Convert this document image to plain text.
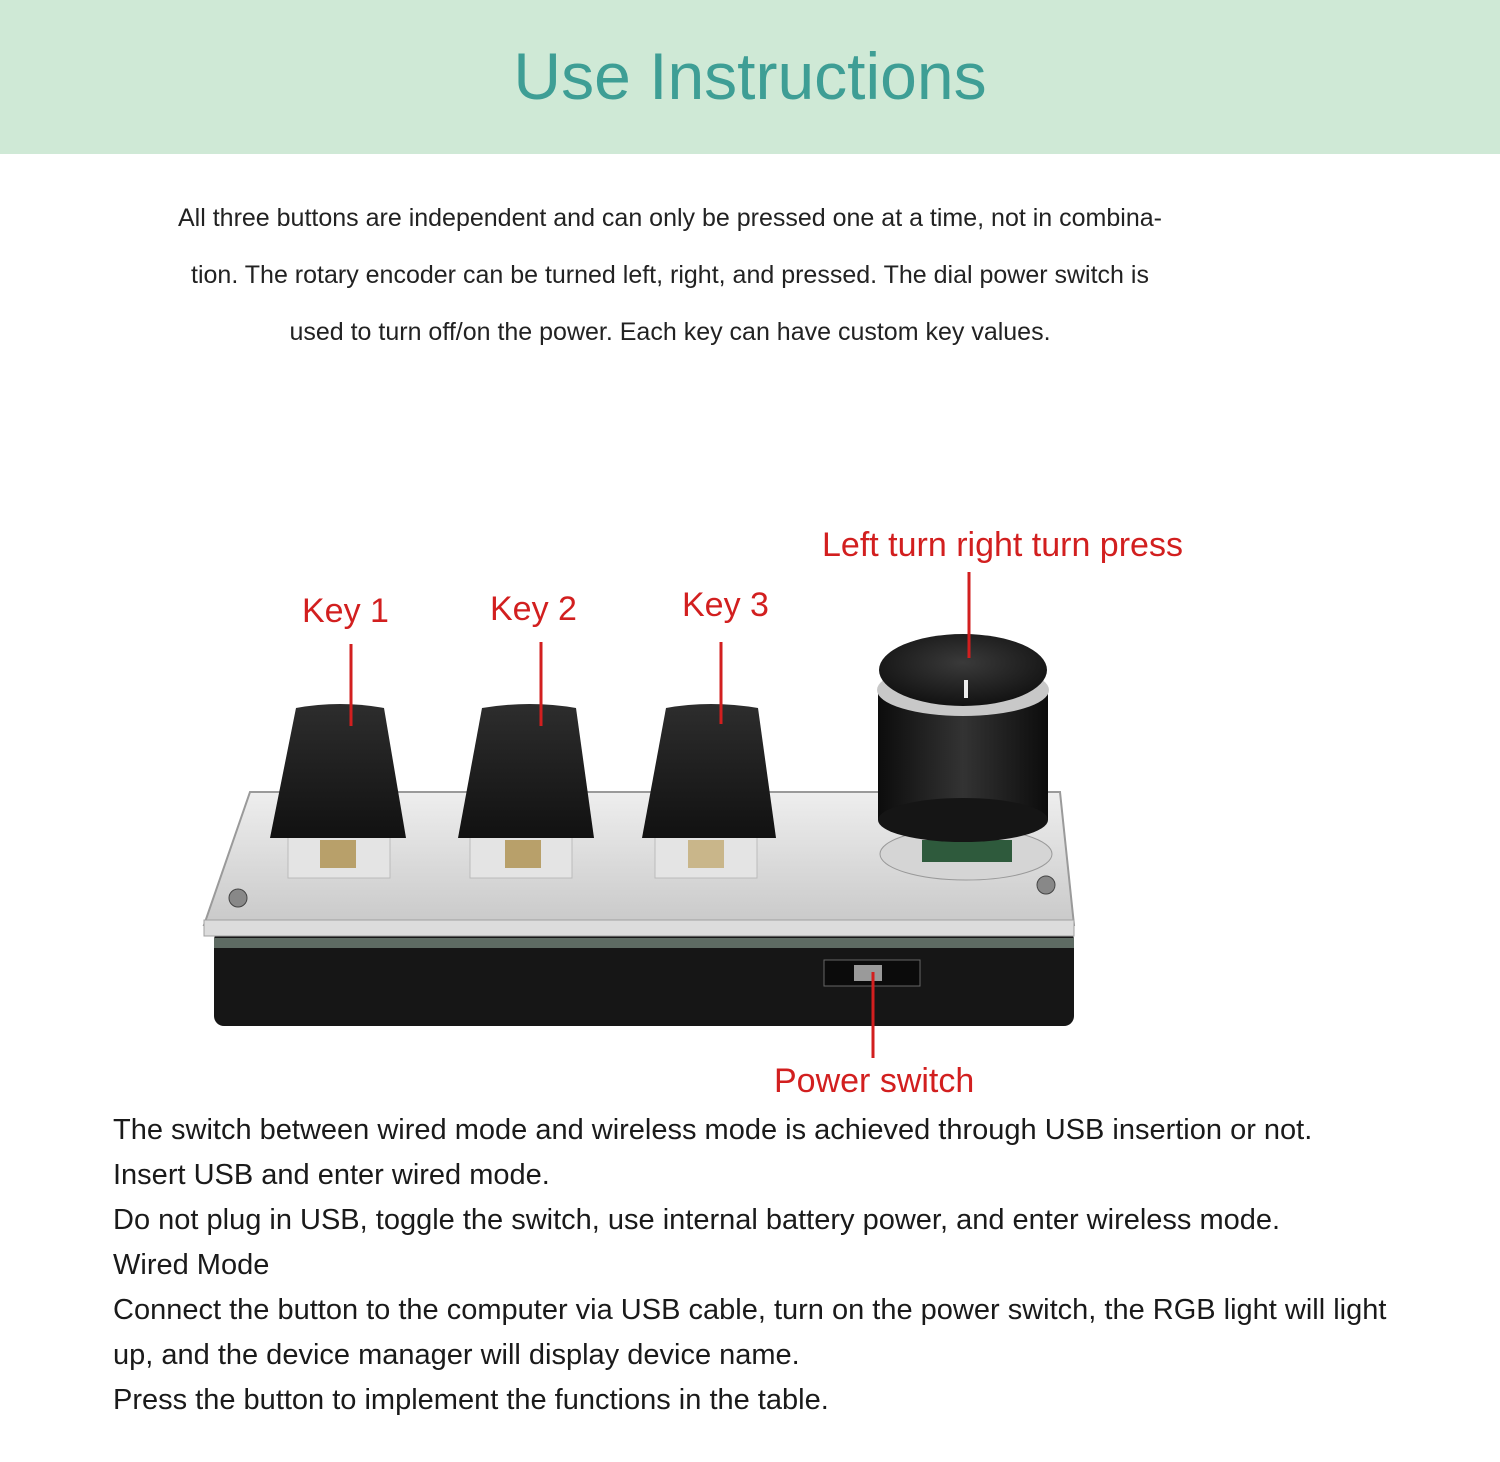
Use Instructions
All three buttons are independent and can only be pressed one at a time, not in combina-
tion. The rotary encoder can be turned left, right, and pressed. The dial power switch is
used to turn off/on the power. Each key can have custom key values.
Key 1	Key 2	Key 3
Left turn right turn press
Power switch

The switch between wired mode and wireless mode is achieved through USB insertion or not.

Insert USB and enter wired mode.

Do not plug in USB, toggle the switch, use internal battery power, and enter wireless mode.

Wired Mode

Connect the button to the computer via USB cable, turn on the power switch, the RGB light will light up, and the device manager will display device name.

Press the button to implement the functions in the table.
